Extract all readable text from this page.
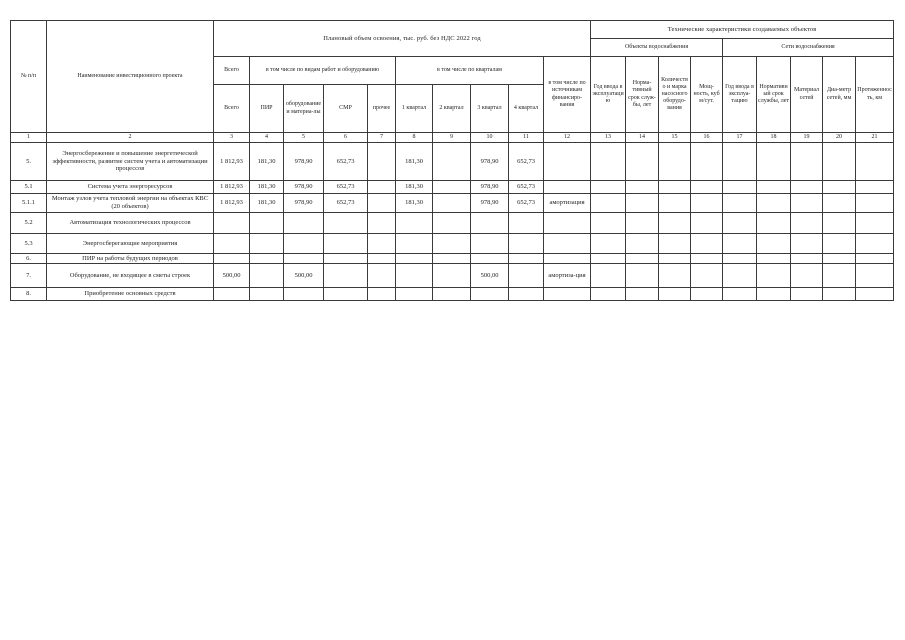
№ п/п	Наименование инвестиционного проекта	Плановый объем освоения, тыс. руб. без НДС 2022 год										Технические характеристики создаваемых объектов								
												Объекты водоснабжения				Сети водоснабжения				
		Всего	в том числе по видам работ и оборудованию				в том числе по кварталам				в том числе по источникам финансиро-вания	Год ввода в эксплуатацию	Норма-тивный срок служ-бы, лет	Количество и марка насосного оборудо-вания	Мощ-ность, куб м/сут.	Год ввода в эксплуа-тацию	Нормативный срок службы, лет	Материал сетей	Диа-метр сетей, мм	Протяженность, км
		Всего	ПИР	оборудование и материа-лы	СМР	прочее	1 квартал	2 квартал	3 квартал	4 квартал										
1	2	3	4	5	6	7	8	9	10	11	12	13	14	15	16	17	18	19	20	21
5.	Энергосбережение и повышение энергетической эффективности, развитие систем учета и автоматизации процессов	1 812,93	181,30	978,90	652,73		181,30		978,90	652,73										
5.1	Система учета энергоресурсов	1 812,93	181,30	978,90	652,73		181,30		978,90	652,73										
5.1.1	Монтаж узлов учета тепловой энергии на объектах КВС (20 объектов)	1 812,93	181,30	978,90	652,73		181,30		978,90	652,73	амортизация									
5.2	Автоматизация технологических процессов																			
5.3	Энергосберегающие мероприятия																			
6.	ПИР на работы будущих периодов																			
7.	Оборудование, не входящее в сметы строек	500,00		500,00					500,00		амортиза-ция									
8.	Приобретение основных средств																			
